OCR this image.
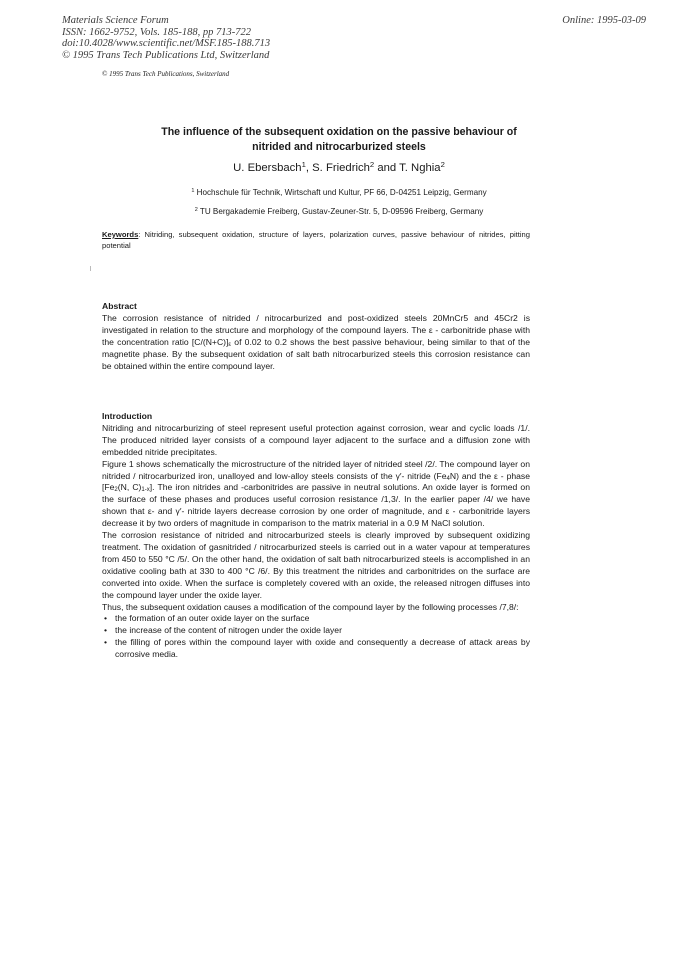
Materials Science Forum
ISSN: 1662-9752, Vols. 185-188, pp 713-722
doi:10.4028/www.scientific.net/MSF.185-188.713
© 1995 Trans Tech Publications Ltd, Switzerland
Online: 1995-03-09
© 1995 Trans Tech Publications, Switzerland
The influence of the subsequent oxidation on the passive behaviour of
nitrided and nitrocarburized steels
U. Ebersbach$^1$, S. Friedrich$^2$ and T. Nghia$^2$
$^1$ Hochschule für Technik, Wirtschaft und Kultur, PF 66, D-04251 Leipzig, Germany
$^2$ TU Bergakademie Freiberg, Gustav-Zeuner-Str. 5, D-09596 Freiberg, Germany
Keywords: Nitriding, subsequent oxidation, structure of layers, polarization curves, passive behaviour of nitrides, pitting potential
Abstract

The corrosion resistance of nitrided / nitrocarburized and post-oxidized steels 20MnCr5 and 45Cr2 is investigated in relation to the structure and morphology of the compound layers. The ε - carbonitride phase with the concentration ratio $[C/(N+C)]_\varepsilon$ of 0.02 to 0.2 shows the best passive behaviour, being similar to that of the magnetite phase. By the subsequent oxidation of salt bath nitrocarburized steels this corrosion resistance can be obtained within the entire compound layer.

Introduction

Nitriding and nitrocarburizing of steel represent useful protection against corrosion, wear and cyclic loads /1/. The produced nitrided layer consists of a compound layer adjacent to the surface and a diffusion zone with embedded nitride precipitates.

Figure 1 shows schematically the microstructure of the nitrided layer of nitrided steel /2/. The compound layer on nitrided / nitrocarburized iron, unalloyed and low-alloy steels consists of the γ′- nitride $(Fe_4N)$ and the ε - phase [$Fe_2(N$, $C)_{1-x}$]. The iron nitrides and -carbonitrides are passive in neutral solutions. An oxide layer is formed on the surface of these phases and produces useful corrosion resistance /1,3/. In the earlier paper /4/ we have shown that ε- and γ′- nitride layers decrease corrosion by one order of magnitude, and ε - carbonitride layers decrease it by two orders of magnitude in comparison to the matrix material in a 0.9 M NaCl solution.

The corrosion resistance of nitrided and nitrocarburized steels is clearly improved by subsequent oxidizing treatment. The oxidation of gasnitrided / nitrocarburized steels is carried out in a water vapour at temperatures from 450 to 550 °C /5/. On the other hand, the oxidation of salt bath nitrocarburized steels is accomplished in an oxidative cooling bath at 330 to 400 °C /6/. By this treatment the nitrides and carbonitrides on the surface are converted into oxide. When the surface is completely covered with an oxide, the released nitrogen diffuses into the compound layer under the oxide layer.

Thus, the subsequent oxidation causes a modification of the compound layer by the following processes /7,8/:

• the formation of an outer oxide layer on the surface
• the increase of the content of nitrogen under the oxide layer
• the filling of pores within the compound layer with oxide and consequently a decrease of attack areas by corrosive media.
